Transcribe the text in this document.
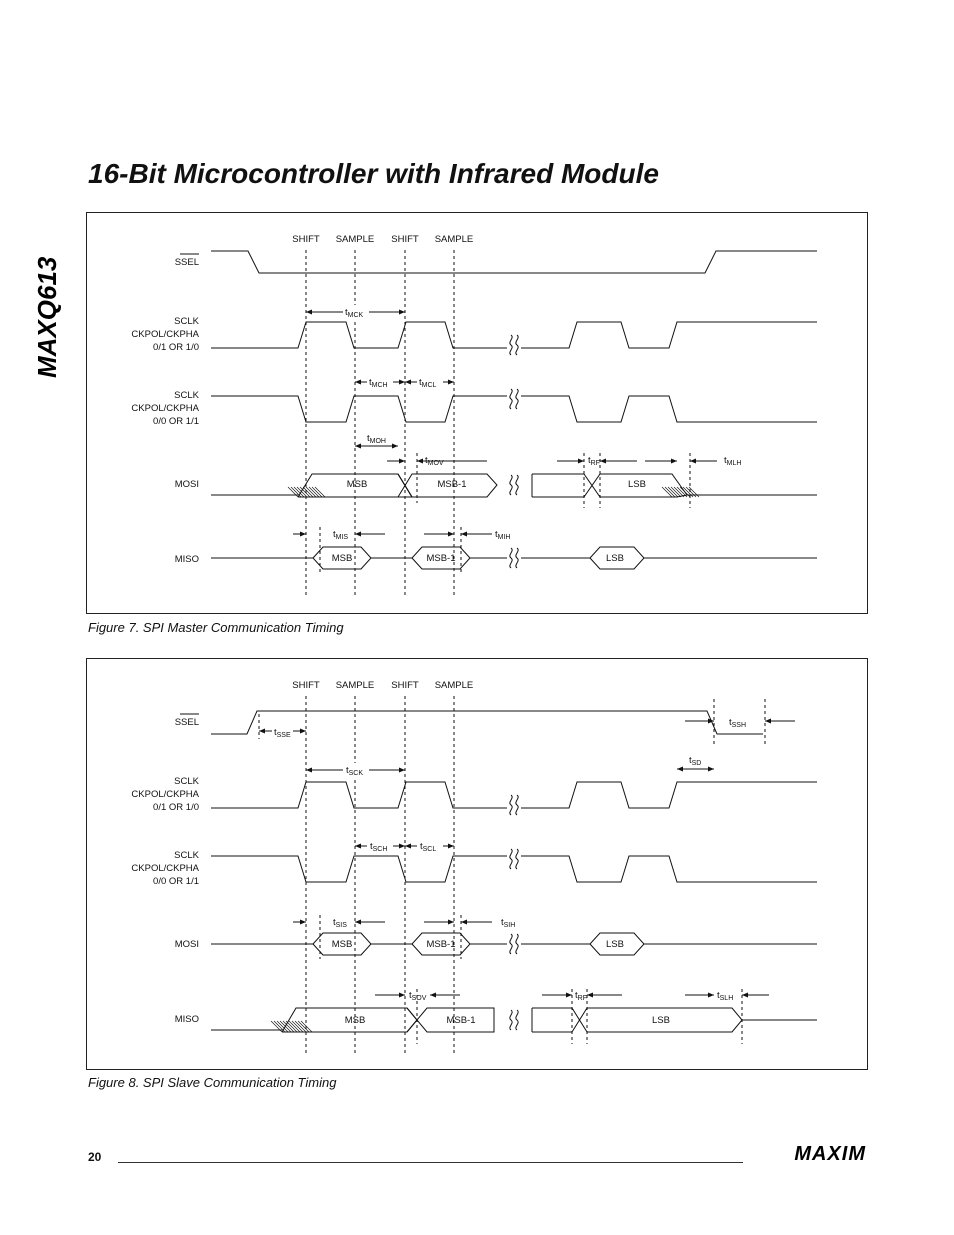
MAXQ613
16-Bit Microcontroller with Infrared Module
SHIFT SAMPLE SHIFT SAMPLE
SSEL
SCLK
CKPOL/CKPHA
0/1 OR 1/0
SCLK
CKPOL/CKPHA
0/0 OR 1/1
MOSI
MISO
$t_{MCK}$
$t_{MCH}$	$t_{MCL}$
$t_{MOH}$
$t_{MOV}$	$t_{RF}$	$t_{MLH}$
MSB	MSB-1	LSB
$t_{MIS}$	$t_{MIH}$
MSB	MSB-1	LSB
Figure 7. SPI Master Communication Timing
SHIFT SAMPLE SHIFT SAMPLE
SSEL
SCLK
CKPOL/CKPHA
0/1 OR 1/0
SCLK
CKPOL/CKPHA
0/0 OR 1/1
MOSI
MISO
$t_{SSE}$
$t_{SSH}$
$t_{SD}$
$t_{SCK}$
$t_{SCH}$	$t_{SCL}$
$t_{SIS}$	$t_{SIH}$
MSB	MSB-1	LSB
$t_{SOV}$	$t_{RF}$	$t_{SLH}$
MSB	MSB-1	LSB
Figure 8. SPI Slave Communication Timing
20	MAXIM
